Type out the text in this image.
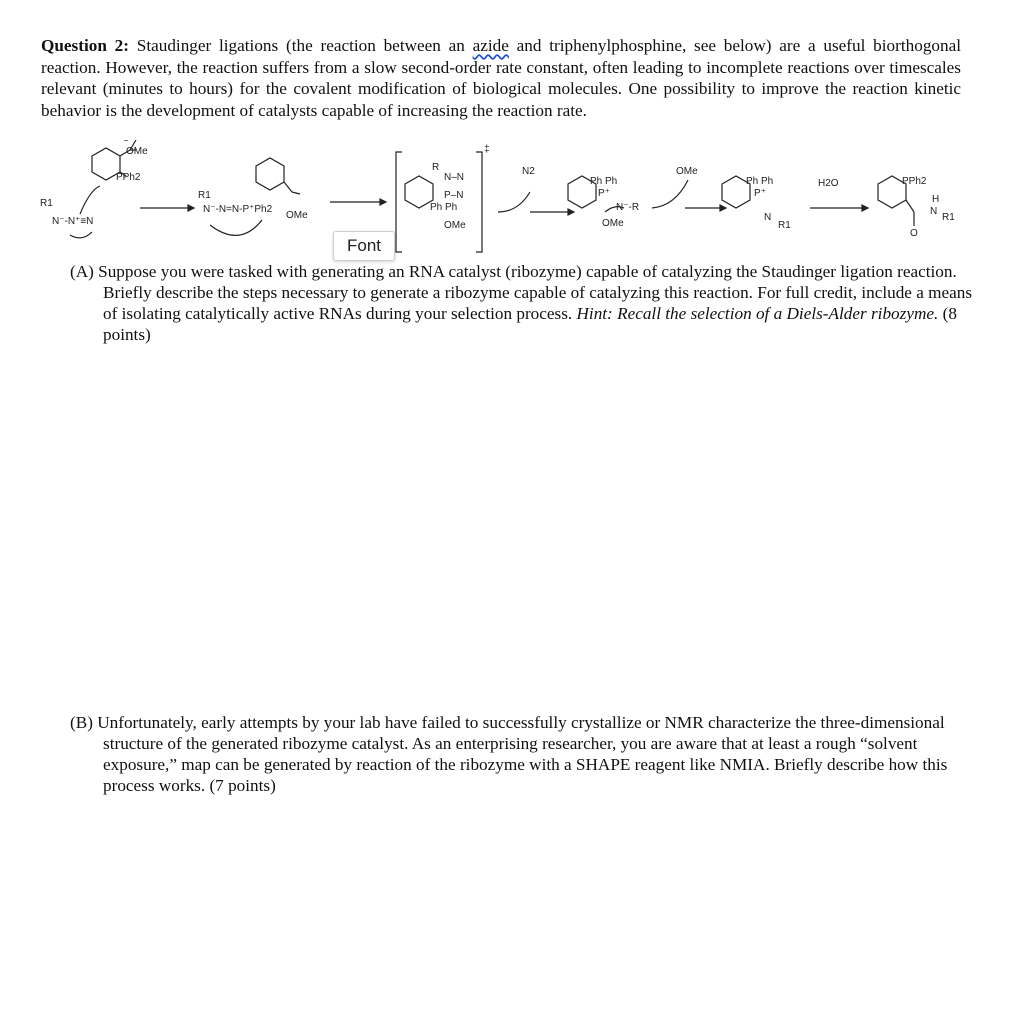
Question 2: Staudinger ligations (the reaction between an azide and triphenylphosphine, see below) are a useful biorthogonal reaction. However, the reaction suffers from a slow second-order rate constant, often leading to incomplete reactions over timescales relevant (minutes to hours) for the covalent modification of biological molecules. One possibility to improve the reaction kinetic behavior is the development of catalysts capable of increasing the reaction rate.
OMe
PPh2
R1
N⁻-N⁺≡N
R1
N⁻-N=N-P⁺Ph2
OMe
‡
R
N–N
P–N
Ph Ph
OMe
N2
Ph Ph
P⁺
N⁻-R
OMe
OMe
Ph Ph
P⁺
N
R1
H2O	PPh2
H
N
R1
O
Font
(A) Suppose you were tasked with generating an RNA catalyst (ribozyme) capable of catalyzing the Staudinger ligation reaction. Briefly describe the steps necessary to generate a ribozyme capable of catalyzing this reaction. For full credit, include a means of isolating catalytically active RNAs during your selection process. Hint: Recall the selection of a Diels-Alder ribozyme. (8 points)
(B) Unfortunately, early attempts by your lab have failed to successfully crystallize or NMR characterize the three-dimensional structure of the generated ribozyme catalyst. As an enterprising researcher, you are aware that at least a rough “solvent exposure,” map can be generated by reaction of the ribozyme with a SHAPE reagent like NMIA. Briefly describe how this process works. (7 points)
